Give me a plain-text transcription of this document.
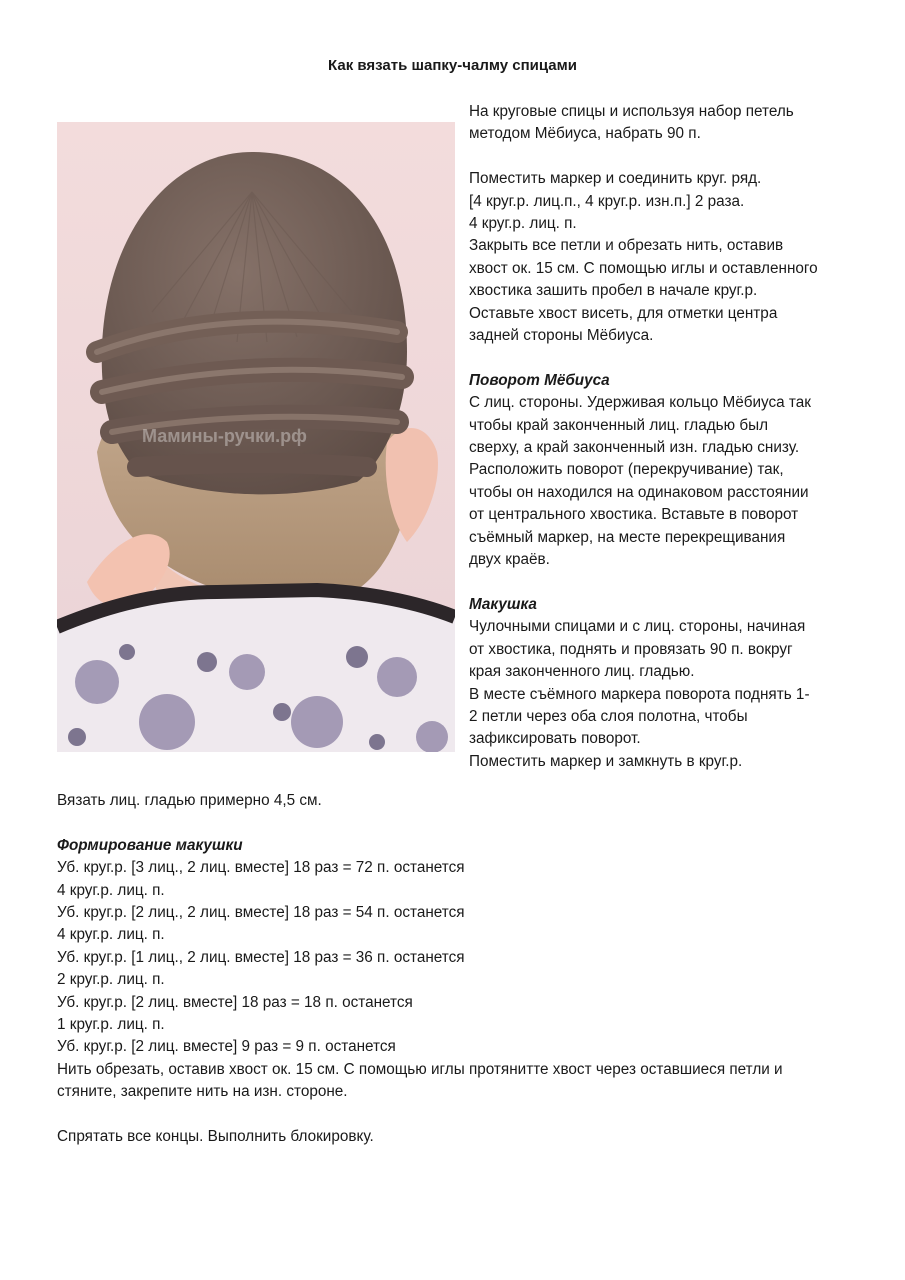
Как вязать шапку-чалму спицами
Мамины-ручки.рф
На круговые спицы и используя набор петель
методом Мёбиуса, набрать 90 п.
Поместить маркер и соединить круг. ряд.
[4 круг.р. лиц.п., 4 круг.р. изн.п.] 2 раза.
4 круг.р. лиц. п.
Закрыть все петли и обрезать нить, оставив
хвост ок. 15 см. С помощью иглы и оставленного
хвостика зашить пробел в начале круг.р.
Оставьте хвост висеть, для отметки центра
задней стороны Мёбиуса.
Поворот Мёбиуса
С лиц. стороны. Удерживая кольцо Мёбиуса так
чтобы край законченный лиц. гладью был
сверху, а край законченный изн. гладью снизу.
Расположить поворот (перекручивание) так,
чтобы он находился на одинаковом расстоянии
от центрального хвостика. Вставьте в поворот
съёмный маркер, на месте перекрещивания
двух краёв.
Макушка
Чулочными спицами и с лиц. стороны, начиная
от хвостика, поднять и провязать 90 п. вокруг
края законченного лиц. гладью.
В месте съёмного маркера поворота поднять 1-
2 петли через оба слоя полотна, чтобы
зафиксировать поворот.
Поместить маркер и замкнуть в круг.р.
Вязать лиц. гладью примерно 4,5 см.
Формирование макушки
Уб. круг.р. [3 лиц., 2 лиц. вместе] 18 раз = 72 п. останется
4 круг.р. лиц. п.
Уб. круг.р. [2 лиц., 2 лиц. вместе] 18 раз = 54 п. останется
4 круг.р. лиц. п.
Уб. круг.р. [1 лиц., 2 лиц. вместе] 18 раз = 36 п. останется
2 круг.р. лиц. п.
Уб. круг.р. [2 лиц. вместе] 18 раз = 18 п. останется
1 круг.р. лиц. п.
Уб. круг.р. [2 лиц. вместе] 9 раз = 9 п. останется
Нить обрезать, оставив хвост ок. 15 см. С помощью иглы протянитте хвост через оставшиеся петли и
стяните, закрепите нить на изн. стороне.
Спрятать все концы. Выполнить блокировку.
